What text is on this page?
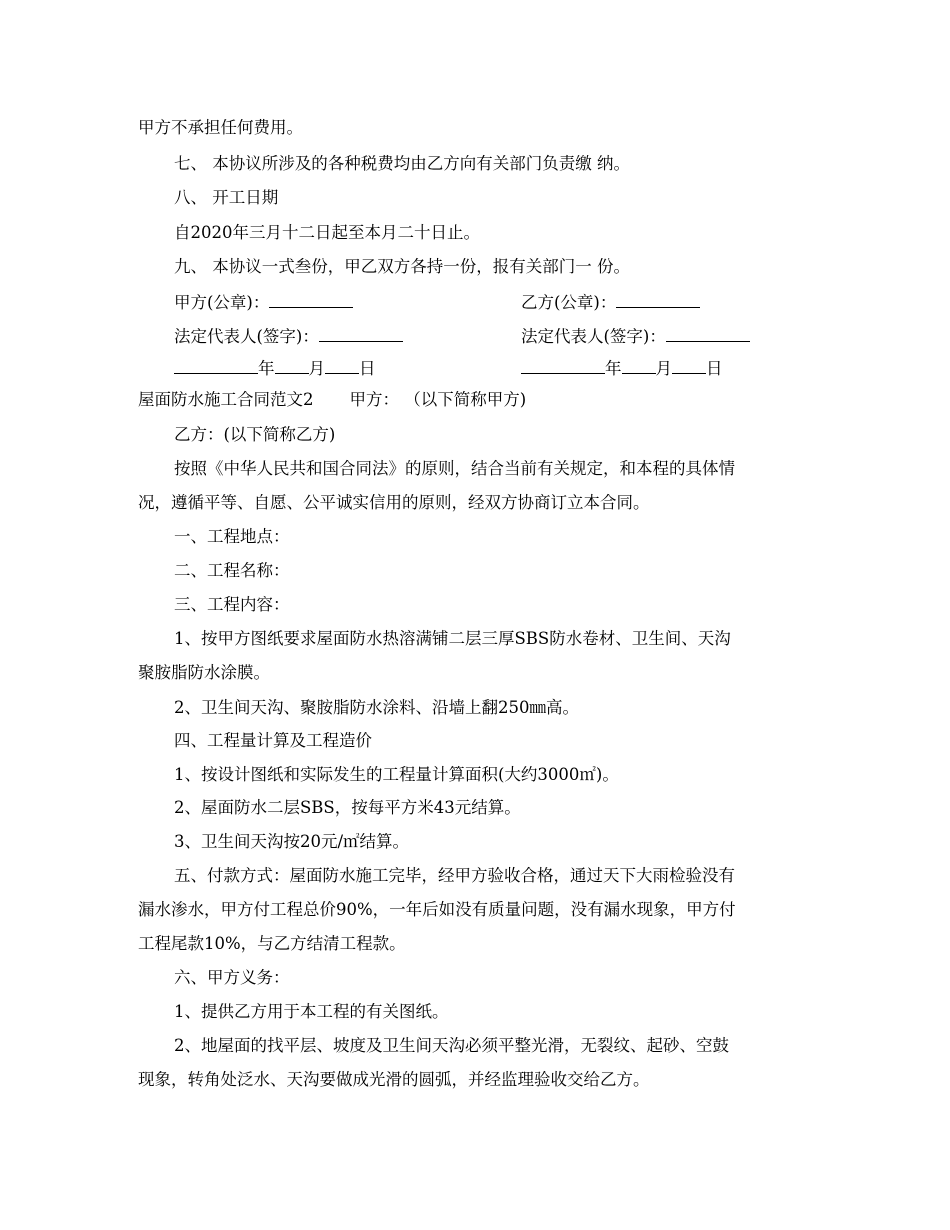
甲方不承担任何费用。
七、 本协议所涉及的各种税费均由乙方向有关部门负责缴 纳。
八、 开工日期
自2020年三月十二日起至本月二十日止。
九、 本协议一式叁份，甲乙双方各持一份，报有关部门一 份。
甲方(公章)：	乙方(公章)：
法定代表人(签字)：	法定代表人(签字)：
年 月 日	年 月 日
屋面防水施工合同范文2 甲方： （以下简称甲方)
乙方：(以下简称乙方)
按照《中华人民共和国合同法》的原则，结合当前有关规定，和本程的具体情
况，遵循平等、自愿、公平诚实信用的原则，经双方协商订立本合同。
一、工程地点：
二、工程名称：
三、工程内容：
1、按甲方图纸要求屋面防水热溶满铺二层三厚SBS防水卷材、卫生间、天沟
聚胺脂防水涂膜。
2、卫生间天沟、聚胺脂防水涂料、沿墙上翻250㎜高。
四、工程量计算及工程造价
1、按设计图纸和实际发生的工程量计算面积(大约3000㎡)。
2、屋面防水二层SBS，按每平方米43元结算。
3、卫生间天沟按20元/㎡结算。
五、付款方式：屋面防水施工完毕，经甲方验收合格，通过天下大雨检验没有
漏水渗水，甲方付工程总价90%，一年后如没有质量问题，没有漏水现象，甲方付
工程尾款10%，与乙方结清工程款。
六、甲方义务：
1、提供乙方用于本工程的有关图纸。
2、地屋面的找平层、坡度及卫生间天沟必须平整光滑，无裂纹、起砂、空鼓
现象，转角处泛水、天沟要做成光滑的圆弧，并经监理验收交给乙方。
